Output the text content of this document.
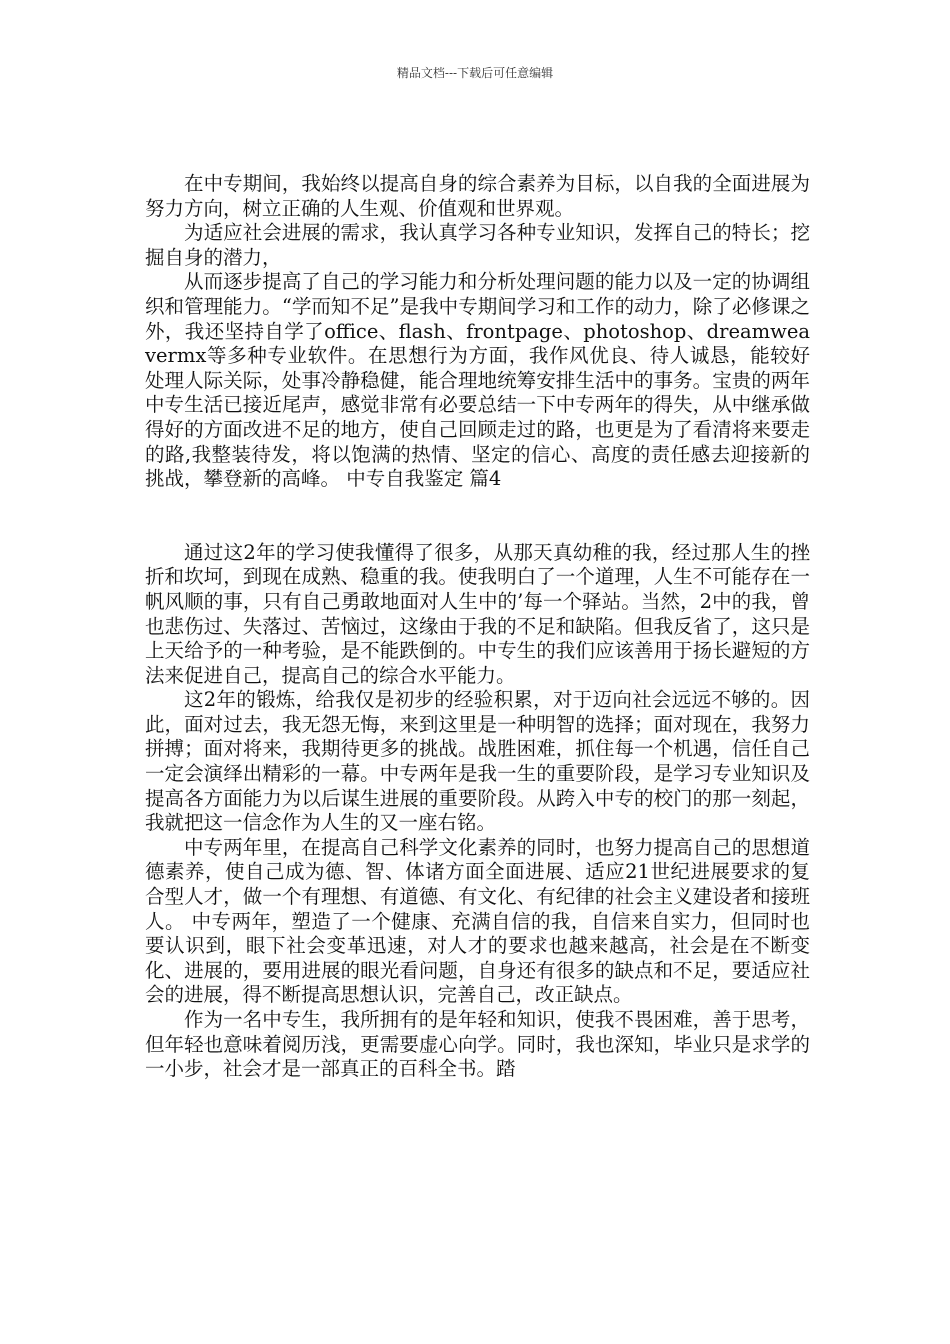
精品文档---下载后可任意编辑

在中专期间，我始终以提高自身的综合素养为目标，以自我的全面进展为努力方向，树立正确的人生观、价值观和世界观。

为适应社会进展的需求，我认真学习各种专业知识，发挥自己的特长；挖掘自身的潜力，

从而逐步提高了自己的学习能力和分析处理问题的能力以及一定的协调组织和管理能力。“学而知不足”是我中专期间学习和工作的动力，除了必修课之外，我还坚持自学了office、flash、frontpage、photoshop、dreamweavermx等多种专业软件。在思想行为方面，我作风优良、待人诚恳，能较好处理人际关际，处事冷静稳健，能合理地统筹安排生活中的事务。宝贵的两年中专生活已接近尾声，感觉非常有必要总结一下中专两年的得失，从中继承做得好的方面改进不足的地方，使自己回顾走过的路，也更是为了看清将来要走的路,我整装待发，将以饱满的热情、坚定的信心、高度的责任感去迎接新的挑战，攀登新的高峰。 中专自我鉴定 篇4

通过这2年的学习使我懂得了很多，从那天真幼稚的我，经过那人生的挫折和坎坷，到现在成熟、稳重的我。使我明白了一个道理，人生不可能存在一帆风顺的事，只有自己勇敢地面对人生中的’每一个驿站。当然，2中的我，曾也悲伤过、失落过、苦恼过，这缘由于我的不足和缺陷。但我反省了，这只是上天给予的一种考验，是不能跌倒的。中专生的我们应该善用于扬长避短的方法来促进自己，提高自己的综合水平能力。

这2年的锻炼，给我仅是初步的经验积累，对于迈向社会远远不够的。因此，面对过去，我无怨无悔，来到这里是一种明智的选择；面对现在，我努力拼搏；面对将来，我期待更多的挑战。战胜困难，抓住每一个机遇，信任自己一定会演绎出精彩的一幕。中专两年是我一生的重要阶段，是学习专业知识及提高各方面能力为以后谋生进展的重要阶段。从跨入中专的校门的那一刻起，我就把这一信念作为人生的又一座右铭。

中专两年里，在提高自己科学文化素养的同时，也努力提高自己的思想道德素养，使自己成为德、智、体诸方面全面进展、适应21世纪进展要求的复合型人才，做一个有理想、有道德、有文化、有纪律的社会主义建设者和接班人。 中专两年，塑造了一个健康、充满自信的我，自信来自实力，但同时也要认识到，眼下社会变革迅速，对人才的要求也越来越高，社会是在不断变化、进展的，要用进展的眼光看问题，自身还有很多的缺点和不足，要适应社会的进展，得不断提高思想认识，完善自己，改正缺点。

作为一名中专生，我所拥有的是年轻和知识，使我不畏困难，善于思考，但年轻也意味着阅历浅，更需要虚心向学。同时，我也深知，毕业只是求学的一小步，社会才是一部真正的百科全书。踏
